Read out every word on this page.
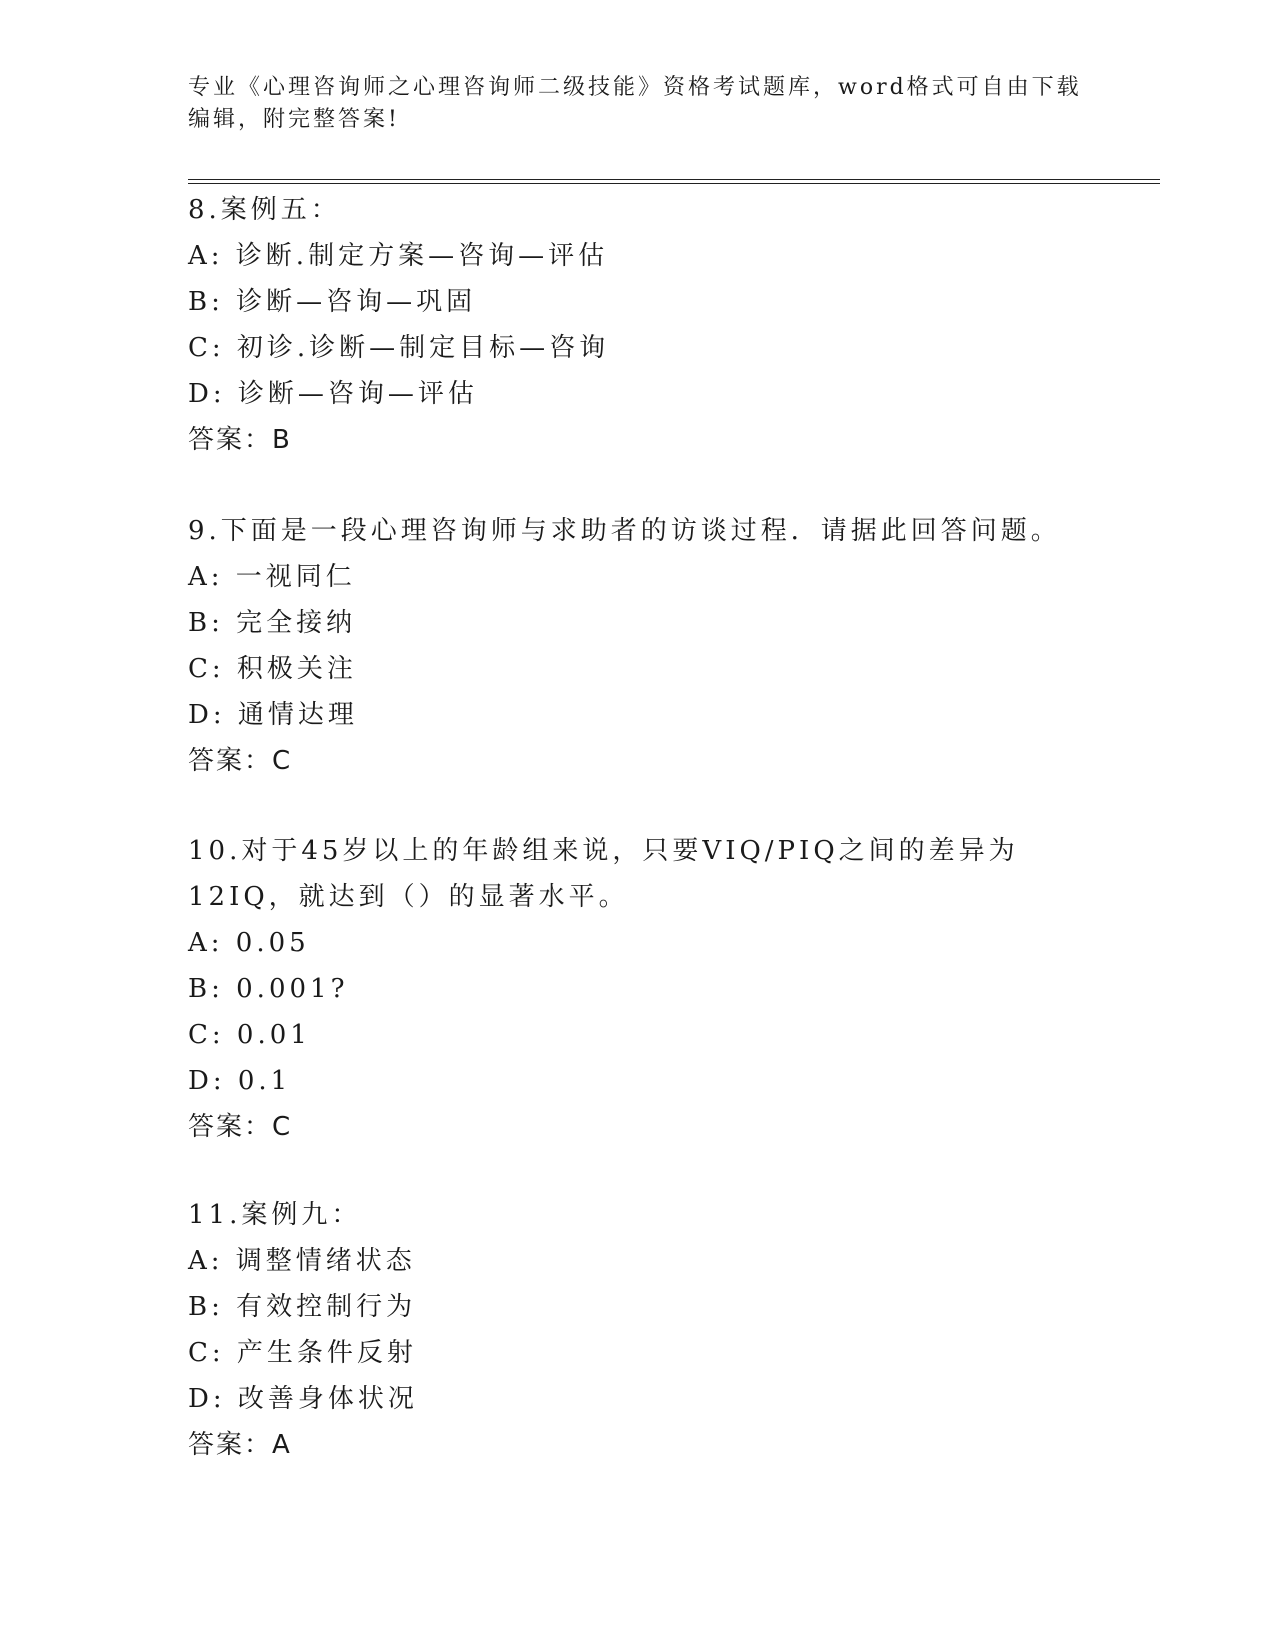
专业《心理咨询师之心理咨询师二级技能》资格考试题库，word格式可自由下载编辑，附完整答案!
8.案例五：
A: 诊断.制定方案—咨询—评估
B: 诊断—咨询—巩固
C: 初诊.诊断—制定目标—咨询
D: 诊断—咨询—评估
答案：B
9.下面是一段心理咨询师与求助者的访谈过程．请据此回答问题。
A: 一视同仁
B: 完全接纳
C: 积极关注
D: 通情达理
答案：C
10.对于45岁以上的年龄组来说，只要VIQ/PIQ之间的差异为12IQ，就达到（）的显著水平。
A: 0.05
B: 0.001?
C: 0.01
D: 0.1
答案：C
11.案例九：
A: 调整情绪状态
B: 有效控制行为
C: 产生条件反射
D: 改善身体状况
答案：A
